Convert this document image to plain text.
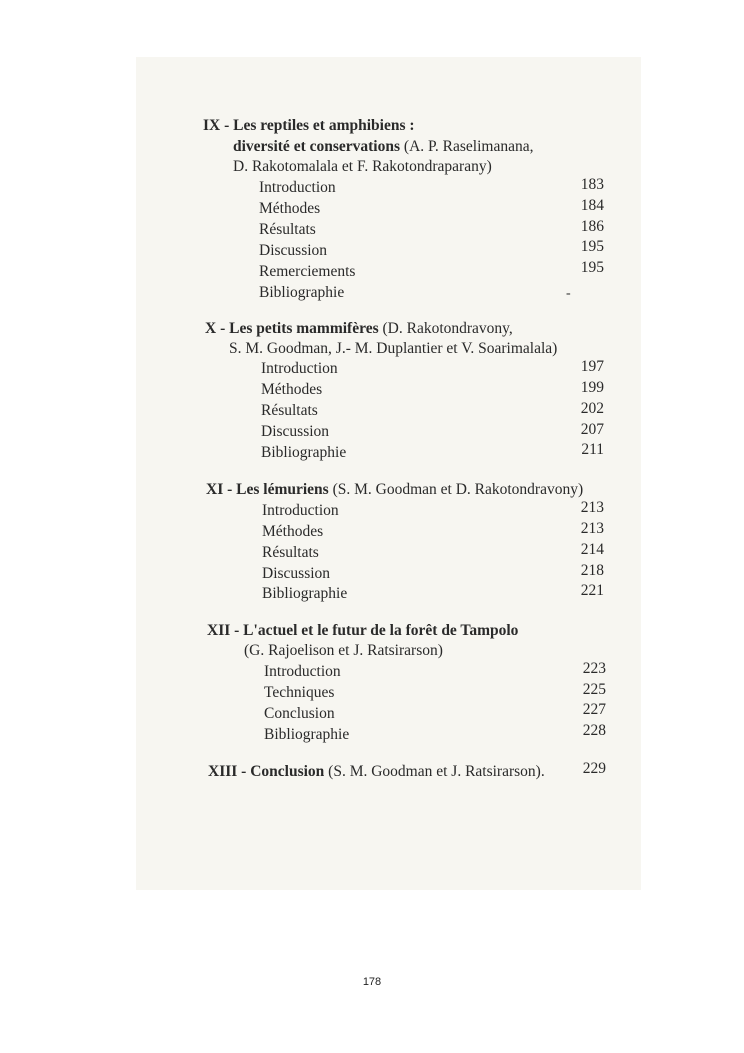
IX - Les reptiles et amphibiens :
diversité et conservations (A. P. Raselimanana,
D. Rakotomalala et F. Rakotondraparany)
Introduction	183
Méthodes	184
Résultats	186
Discussion	195
Remerciements	195
Bibliographie	-
X - Les petits mammifères (D. Rakotondravony,
S. M. Goodman, J.- M. Duplantier et V. Soarimalala)
Introduction	197
Méthodes	199
Résultats	202
Discussion	207
Bibliographie	211
XI - Les lémuriens (S. M. Goodman et D. Rakotondravony)
Introduction	213
Méthodes	213
Résultats	214
Discussion	218
Bibliographie	221
XII - L'actuel et le futur de la forêt de Tampolo
(G. Rajoelison et J. Ratsirarson)
Introduction	223
Techniques	225
Conclusion	227
Bibliographie	228
XIII - Conclusion (S. M. Goodman et J. Ratsirarson).	229
178
